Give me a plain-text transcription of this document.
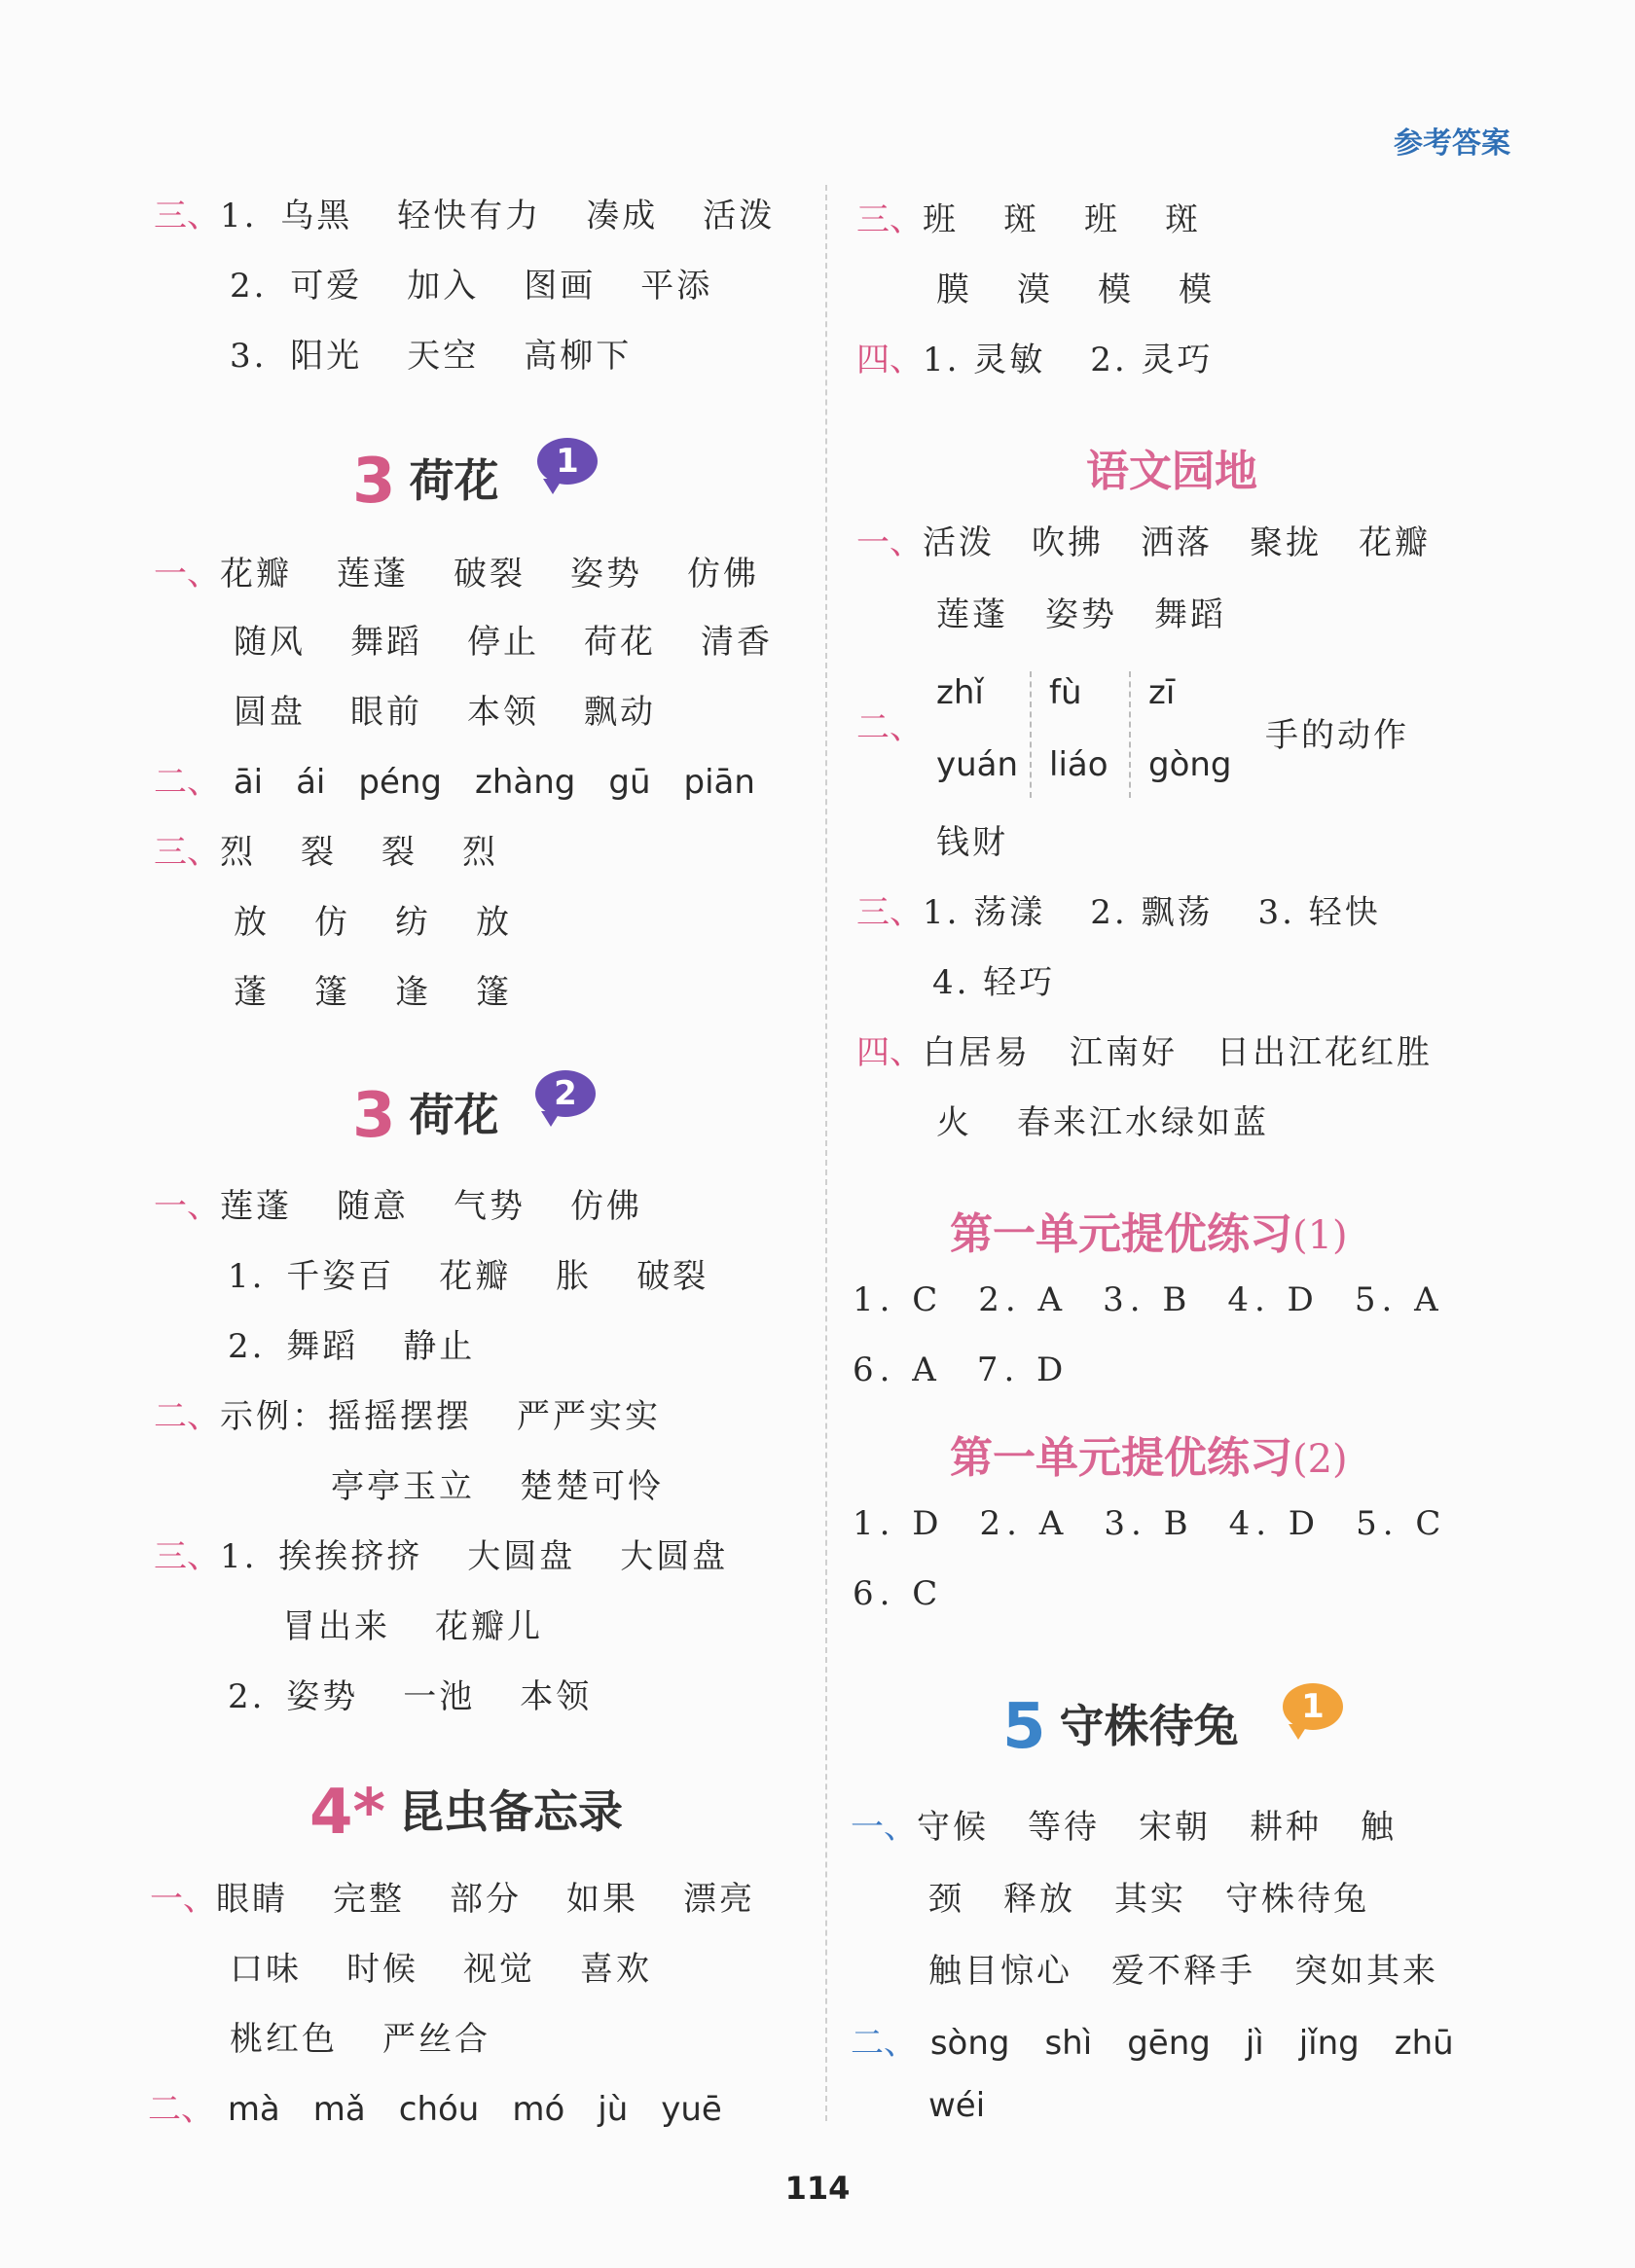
参考答案
三、1. 乌黑 轻快有力 凑成 活泼
2. 可爱 加入 图画 平添
3. 阳光 天空 高柳下
3 荷花	1
一、花瓣 莲蓬 破裂 姿势 仿佛
随风 舞蹈 停止 荷花 清香
圆盘 眼前 本领 飘动
二、 āi ái péng zhàng gū piān
三、烈 裂 裂 烈
放 仿 纺 放
蓬 篷 逢 篷
3 荷花	2
一、莲蓬 随意 气势 仿佛
1. 千姿百 花瓣 胀 破裂
2. 舞蹈 静止
二、示例：摇摇摆摆 严严实实
亭亭玉立 楚楚可怜
三、1. 挨挨挤挤 大圆盘 大圆盘
冒出来 花瓣儿
2. 姿势 一池 本领
4* 昆虫备忘录
一、眼睛 完整 部分 如果 漂亮
口味 时候 视觉 喜欢
桃红色 严丝合
二、 mà mǎ chóu mó jù yuē
三、班 斑 班 斑
膜 漠 模 模
四、1. 灵敏 2. 灵巧
语文园地
一、活泼 吹拂 洒落 聚拢 花瓣
莲蓬 姿势 舞蹈
二、
zhǐ fù zī
yuán liáo gòng
手的动作
钱财
三、1. 荡漾 2. 飘荡 3. 轻快
4. 轻巧
四、白居易 江南好 日出江花红胜
火 春来江水绿如蓝
第一单元提优练习(1)
1. C 2. A 3. B 4. D 5. A
6. A 7. D
第一单元提优练习(2)
1. D 2. A 3. B 4. D 5. C
6. C
5 守株待兔	1
一、守候 等待 宋朝 耕种 触
颈 释放 其实 守株待兔
触目惊心 爱不释手 突如其来
二、 sòng shì gēng jì jǐng zhū
wéi
114
